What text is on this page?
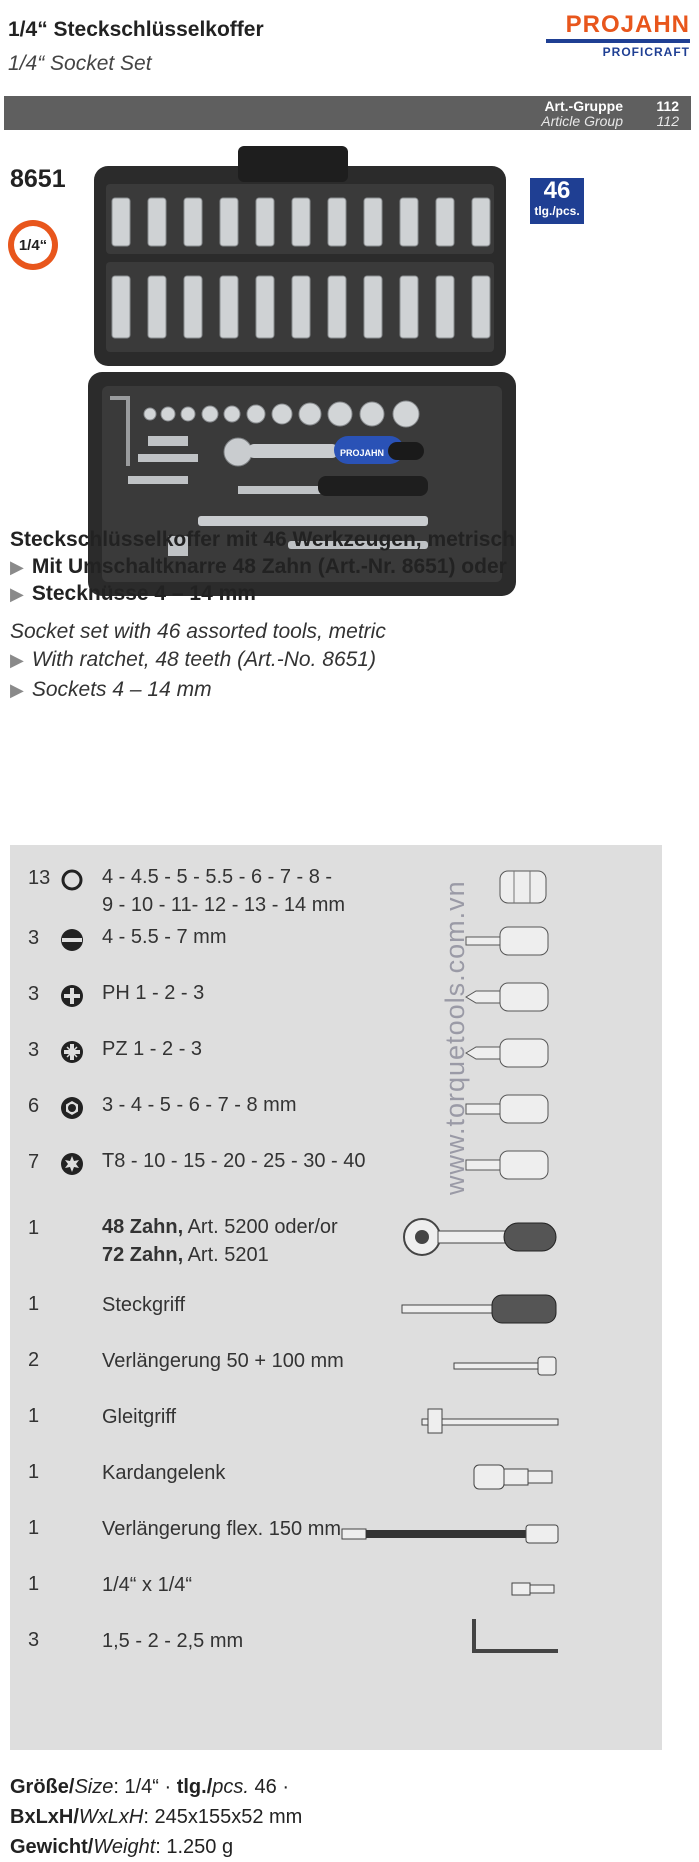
1/4“ Steckschlüsselkoffer
1/4“ Socket Set
PROJAHN
PROFICRAFT
Art.-Gruppe
Article Group
112
112
8651
1/4“
46
tlg./pcs.
PROJAHN
Steckschlüsselkoffer mit 46 Werkzeugen, metrisch
▶ Mit Umschaltknarre 48 Zahn (Art.-Nr. 8651) oder
▶ Stecknüsse 4 – 14 mm
Socket set with 46 assorted tools, metric
▶ With ratchet, 48 teeth (Art.-No. 8651)
▶ Sockets 4 – 14 mm
13	4 - 4.5 - 5 - 5.5 - 6 - 7 - 8 -
9 - 10 - 11- 12 - 13 - 14 mm
3	4 - 5.5 - 7 mm
3	PH 1 - 2 - 3
3	PZ 1 - 2 - 3
6	3 - 4 - 5 - 6 - 7 - 8 mm
7	T8 - 10 - 15 - 20 - 25 - 30 - 40
1	48 Zahn, Art. 5200 oder/or
72 Zahn, Art. 5201
1	Steckgriff
2	Verlängerung 50 + 100 mm
1	Gleitgriff
1	Kardangelenk
1	Verlängerung flex. 150 mm
1	1/4“ x 1/4“
3	1,5 - 2 - 2,5 mm
www.torquetools.com.vn
Größe/Size: 1/4“ · tlg./pcs. 46 ·
BxLxH/WxLxH: 245x155x52 mm
Gewicht/Weight: 1.250 g
